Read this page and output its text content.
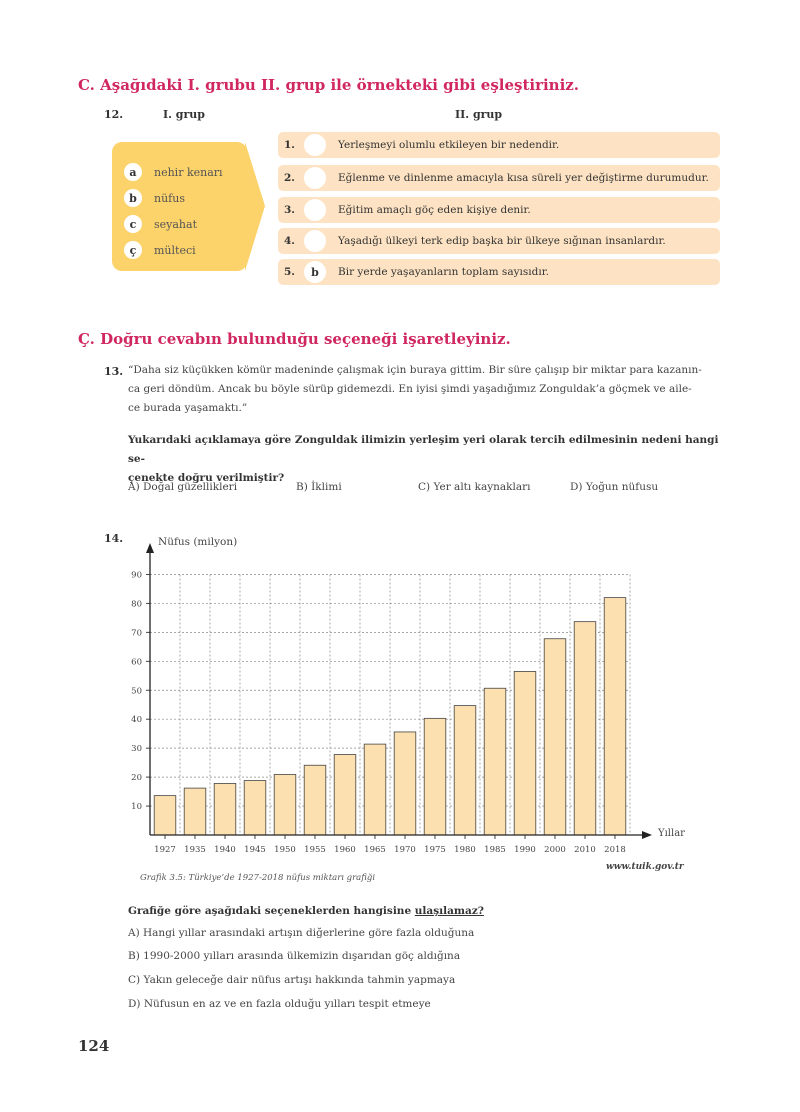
C. Aşağıdaki I. grubu II. grup ile örnekteki gibi eşleştiriniz.
12.	I. grup	II. grup
a	nehir kenarı
b	nüfus
c	seyahat
ç	mülteci
1.	Yerleşmeyi olumlu etkileyen bir nedendir.
2.	Eğlenme ve dinlenme amacıyla kısa süreli yer değiştirme durumudur.
3.	Eğitim amaçlı göç eden kişiye denir.
4.	Yaşadığı ülkeyi terk edip başka bir ülkeye sığınan insanlardır.
5.	b	Bir yerde yaşayanların toplam sayısıdır.
Ç. Doğru cevabın bulunduğu seçeneği işaretleyiniz.
13. “Daha siz küçükken kömür madeninde çalışmak için buraya gittim. Bir süre çalışıp bir miktar para kazanın-
ca geri döndüm. Ancak bu böyle sürüp gidemezdi. En iyisi şimdi yaşadığımız Zonguldak’a göçmek ve aile-
ce burada yaşamaktı.”
Yukarıdaki açıklamaya göre Zonguldak ilimizin yerleşim yeri olarak tercih edilmesinin nedeni hangi se-
çenekte doğru verilmiştir?
A) Doğal güzellikleri	B) İklimi	C) Yer altı kaynakları	D) Yoğun nüfusu
14.
10
20
30
40
50
60
70
80
90
1927 1935 1940 1945 1950 1955 1960 1965 1970 1975 1980 1985 1990 2000 2010 2018
Nüfus (milyon)
Yıllar
Grafik 3.5: Türkiye’de 1927-2018 nüfus miktarı grafiği
www.tuik.gov.tr
Grafiğe göre aşağıdaki seçeneklerden hangisine ulaşılamaz?
A) Hangi yıllar arasındaki artışın diğerlerine göre fazla olduğuna
B) 1990-2000 yılları arasında ülkemizin dışarıdan göç aldığına
C) Yakın geleceğe dair nüfus artışı hakkında tahmin yapmaya
D) Nüfusun en az ve en fazla olduğu yılları tespit etmeye
124
